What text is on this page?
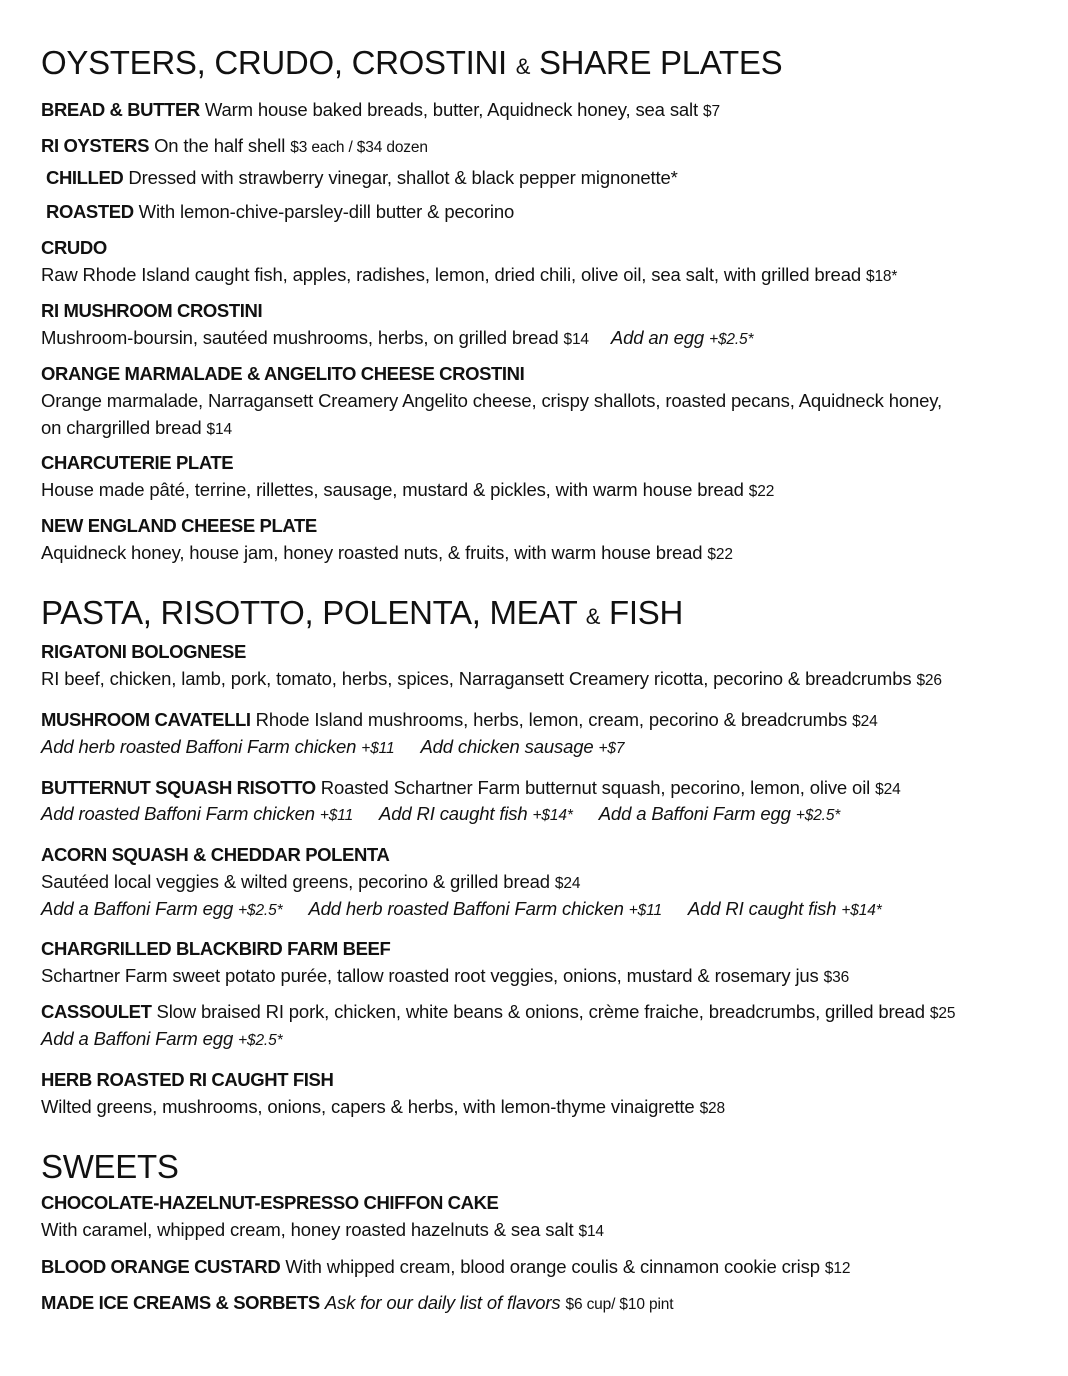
OYSTERS, CRUDO, CROSTINI & SHARE PLATES
BREAD & BUTTER Warm house baked breads, butter, Aquidneck honey, sea salt $7
RI OYSTERS On the half shell $3 each / $34 dozen
CHILLED Dressed with strawberry vinegar, shallot & black pepper mignonette*
ROASTED With lemon-chive-parsley-dill butter & pecorino
CRUDO
Raw Rhode Island caught fish, apples, radishes, lemon, dried chili, olive oil, sea salt, with grilled bread $18*
RI MUSHROOM CROSTINI
Mushroom-boursin, sautéed mushrooms, herbs, on grilled bread $14 Add an egg +$2.5*
ORANGE MARMALADE & ANGELITO CHEESE CROSTINI
Orange marmalade, Narragansett Creamery Angelito cheese, crispy shallots, roasted pecans, Aquidneck honey,
on chargrilled bread $14
CHARCUTERIE PLATE
House made pâté, terrine, rillettes, sausage, mustard & pickles, with warm house bread $22
NEW ENGLAND CHEESE PLATE
Aquidneck honey, house jam, honey roasted nuts, & fruits, with warm house bread $22
PASTA, RISOTTO, POLENTA, MEAT & FISH
RIGATONI BOLOGNESE
RI beef, chicken, lamb, pork, tomato, herbs, spices, Narragansett Creamery ricotta, pecorino & breadcrumbs $26
MUSHROOM CAVATELLI Rhode Island mushrooms, herbs, lemon, cream, pecorino & breadcrumbs $24
Add herb roasted Baffoni Farm chicken +$11 Add chicken sausage +$7
BUTTERNUT SQUASH RISOTTO Roasted Schartner Farm butternut squash, pecorino, lemon, olive oil $24
Add roasted Baffoni Farm chicken +$11 Add RI caught fish +$14* Add a Baffoni Farm egg +$2.5*
ACORN SQUASH & CHEDDAR POLENTA
Sautéed local veggies & wilted greens, pecorino & grilled bread $24
Add a Baffoni Farm egg +$2.5* Add herb roasted Baffoni Farm chicken +$11 Add RI caught fish +$14*
CHARGRILLED BLACKBIRD FARM BEEF
Schartner Farm sweet potato purée, tallow roasted root veggies, onions, mustard & rosemary jus $36
CASSOULET Slow braised RI pork, chicken, white beans & onions, crème fraiche, breadcrumbs, grilled bread $25
Add a Baffoni Farm egg +$2.5*
HERB ROASTED RI CAUGHT FISH
Wilted greens, mushrooms, onions, capers & herbs, with lemon-thyme vinaigrette $28
SWEETS
CHOCOLATE-HAZELNUT-ESPRESSO CHIFFON CAKE
With caramel, whipped cream, honey roasted hazelnuts & sea salt $14
BLOOD ORANGE CUSTARD With whipped cream, blood orange coulis & cinnamon cookie crisp $12
MADE ICE CREAMS & SORBETS Ask for our daily list of flavors $6 cup/ $10 pint
